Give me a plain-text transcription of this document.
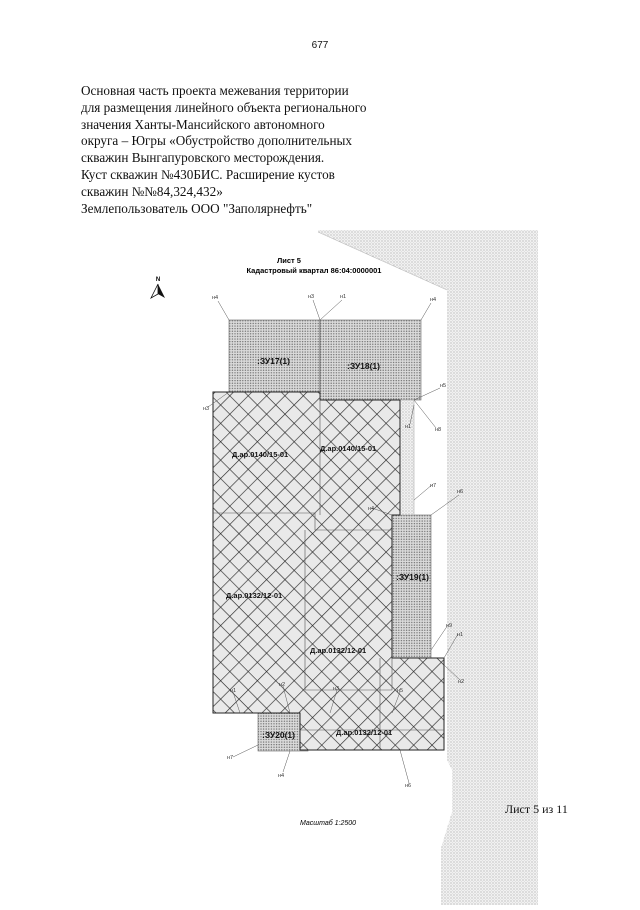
677
Основная часть проекта межевания территории
для размещения линейного объекта регионального
значения Ханты-Мансийского автономного
округа – Югры «Обустройство дополнительных
скважин Вынгапуровского месторождения.
Куст скважин №430БИС. Расширение кустов
скважин №№84,324,432»
Землепользователь ООО "Заполярнефть"
Лист 5
Кадастровый квартал 86:04:0000001
N
:ЗУ17(1)	:ЗУ18(1)
:ЗУ19(1)
:ЗУ20(1)
Д.ар.0140/15-01
Д.ар.0140/15-01
Д.ар.0132/12-01
Д.ар.0132/12-01
Д.ар.0132/12-01
н4	н3	н1	н4
н3
н5
н1	н8
н7
н6
н4
н9
н1
н2
н1
н2
н3	н5
н7
н4
н6
Масштаб 1:2500
Лист 5 из 11
